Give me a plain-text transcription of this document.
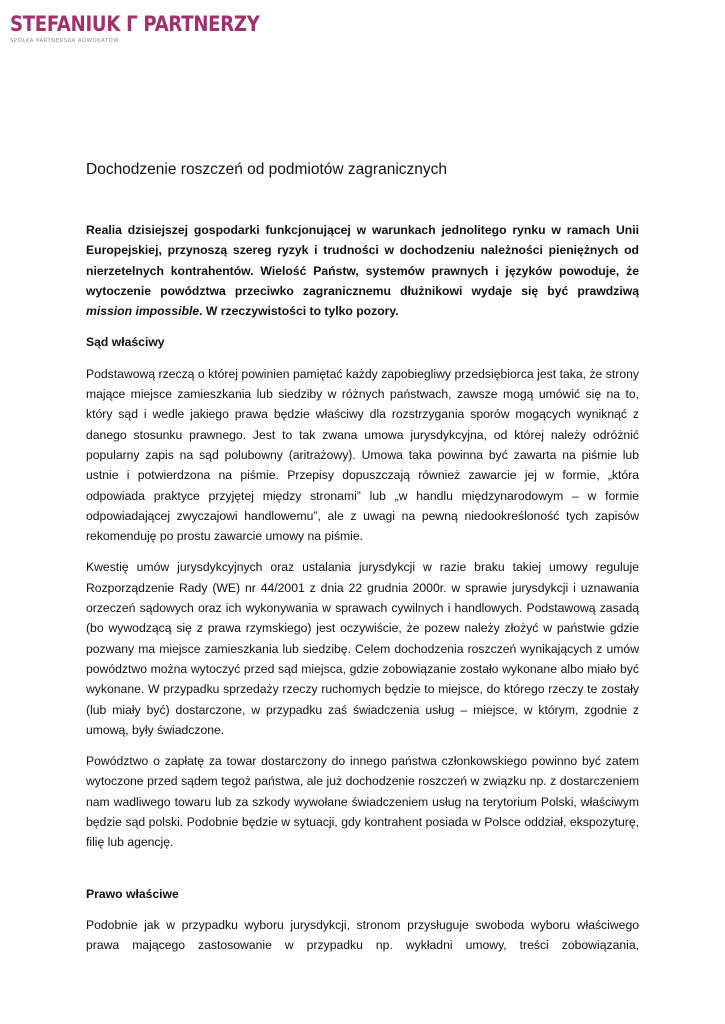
STEFANIUK Γ PARTNERZY
SPÓŁKA PARTNERSKA ADWOKATÓW
Dochodzenie roszczeń od podmiotów zagranicznych

Realia dzisiejszej gospodarki funkcjonującej w warunkach jednolitego rynku w ramach Unii Europejskiej, przynoszą szereg ryzyk i trudności w dochodzeniu należności pieniężnych od nierzetelnych kontrahentów. Wielość Państw, systemów prawnych i języków powoduje, że wytoczenie powództwa przeciwko zagranicznemu dłużnikowi wydaje się być prawdziwą mission impossible. W rzeczywistości to tylko pozory.

Sąd właściwy

Podstawową rzeczą o której powinien pamiętać każdy zapobiegliwy przedsiębiorca jest taka, że strony mające miejsce zamieszkania lub siedziby w różnych państwach, zawsze mogą umówić się na to, który sąd i wedle jakiego prawa będzie właściwy dla rozstrzygania sporów mogących wyniknąć z danego stosunku prawnego. Jest to tak zwana umowa jurysdykcyjna, od której należy odróżnić popularny zapis na sąd polubowny (aritrażowy). Umowa taka powinna być zawarta na piśmie lub ustnie i potwierdzona na piśmie. Przepisy dopuszczają również zawarcie jej w formie, „która odpowiada praktyce przyjętej między stronami” lub „w handlu międzynarodowym – w formie odpowiadającej zwyczajowi handlowemu”, ale z uwagi na pewną niedookreśloność tych zapisów rekomenduję po prostu zawarcie umowy na piśmie.

Kwestię umów jurysdykcyjnych oraz ustalania jurysdykcji w razie braku takiej umowy reguluje Rozporządzenie Rady (WE) nr 44/2001 z dnia 22 grudnia 2000r. w sprawie jurysdykcji i uznawania orzeczeń sądowych oraz ich wykonywania w sprawach cywilnych i handlowych. Podstawową zasadą (bo wywodzącą się z prawa rzymskiego) jest oczywiście, że pozew należy złożyć w państwie gdzie pozwany ma miejsce zamieszkania lub siedzibę. Celem dochodzenia roszczeń wynikających z umów powództwo można wytoczyć przed sąd miejsca, gdzie zobowiązanie zostało wykonane albo miało być wykonane. W przypadku sprzedaży rzeczy ruchomych będzie to miejsce, do którego rzeczy te zostały (lub miały być) dostarczone, w przypadku zaś świadczenia usług – miejsce, w którym, zgodnie z umową, były świadczone.

Powództwo o zapłatę za towar dostarczony do innego państwa członkowskiego powinno być zatem wytoczone przed sądem tegoż państwa, ale już dochodzenie roszczeń w związku np. z dostarczeniem nam wadliwego towaru lub za szkody wywołane świadczeniem usług na terytorium Polski, właściwym będzie sąd polski. Podobnie będzie w sytuacji, gdy kontrahent posiada w Polsce oddział, ekspozyturę, filię lub agencję.

Prawo właściwe

Podobnie jak w przypadku wyboru jurysdykcji, stronom przysługuje swoboda wyboru właściwego prawa mającego zastosowanie w przypadku np. wykładni umowy, treści zobowiązania,
